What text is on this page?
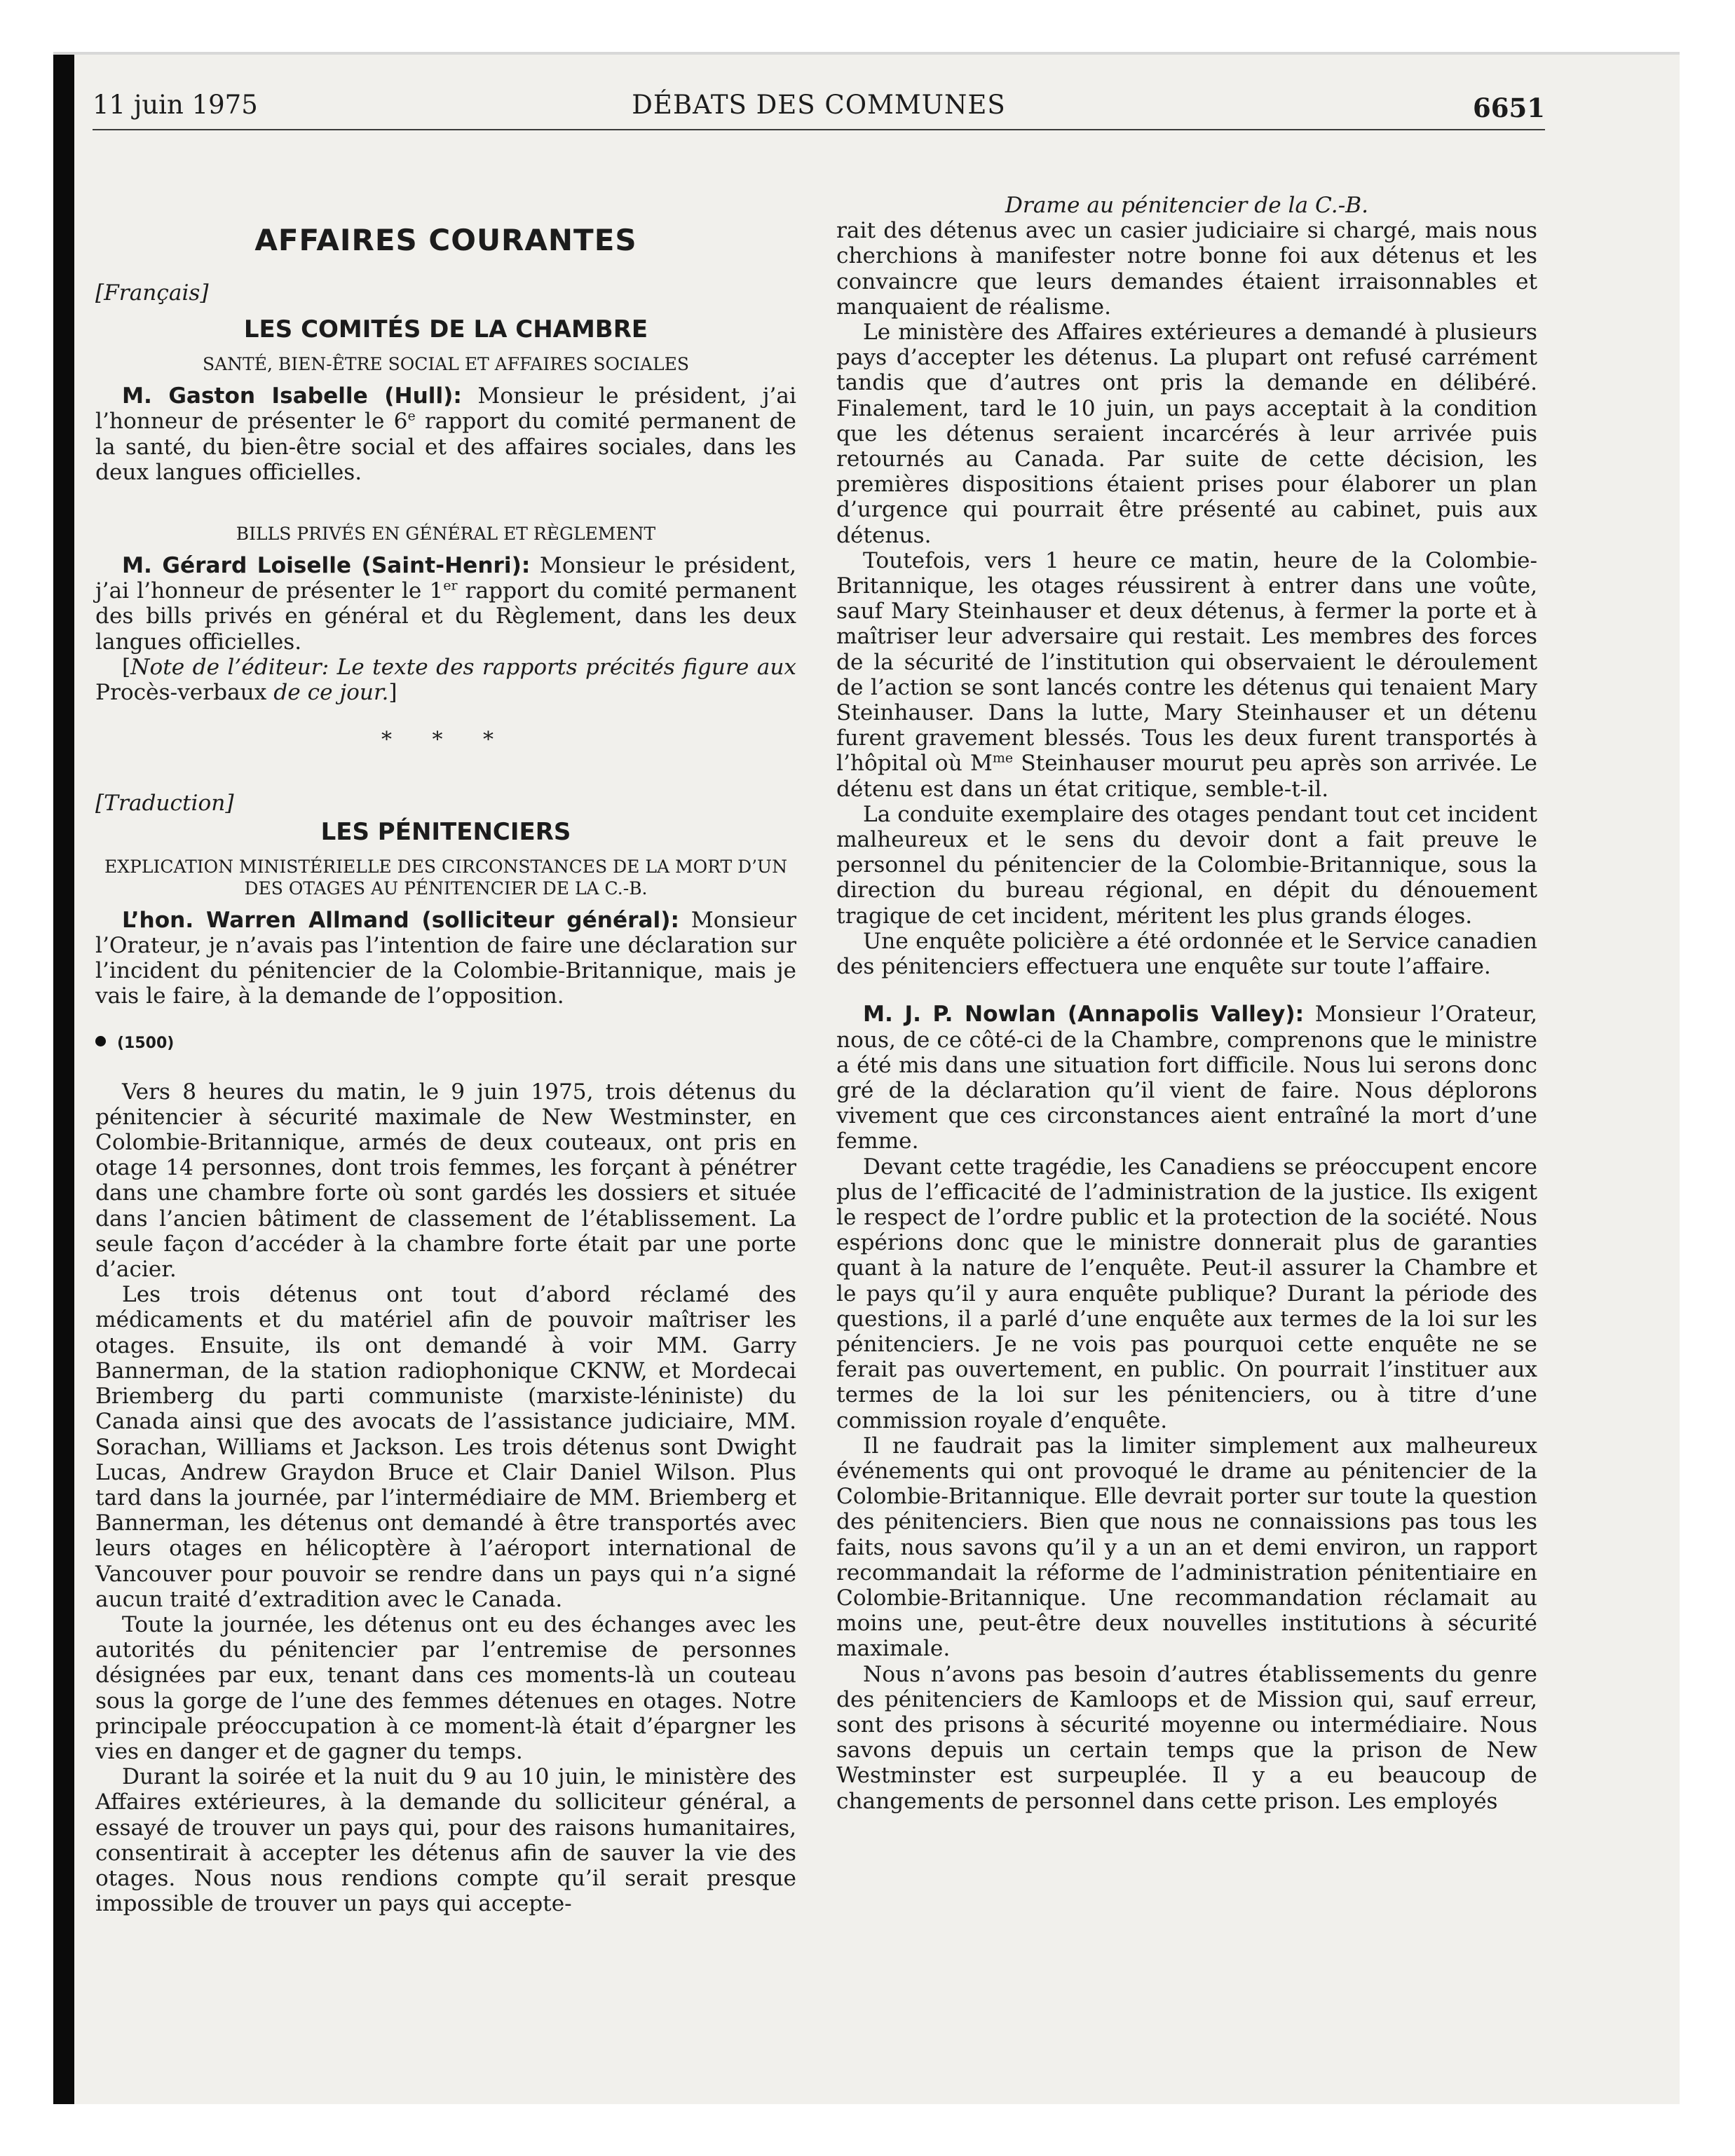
11 juin 1975	DÉBATS DES COMMUNES	6651
AFFAIRES COURANTES

[Français]

LES COMITÉS DE LA CHAMBRE
SANTÉ, BIEN-ÊTRE SOCIAL ET AFFAIRES SOCIALES

M. Gaston Isabelle (Hull): Monsieur le président, j’ai l’honneur de présenter le 6e rapport du comité permanent de la santé, du bien-être social et des affaires sociales, dans les deux langues officielles.

BILLS PRIVÉS EN GÉNÉRAL ET RÈGLEMENT

M. Gérard Loiselle (Saint-Henri): Monsieur le président, j’ai l’honneur de présenter le 1er rapport du comité permanent des bills privés en général et du Règlement, dans les deux langues officielles.

[Note de l’éditeur: Le texte des rapports précités figure aux Procès-verbaux de ce jour.]

* * *

[Traduction]

LES PÉNITENCIERS
EXPLICATION MINISTÉRIELLE DES CIRCONSTANCES DE LA MORT D’UN DES OTAGES AU PÉNITENCIER DE LA C.-B.

L’hon. Warren Allmand (solliciteur général): Monsieur l’Orateur, je n’avais pas l’intention de faire une déclaration sur l’incident du pénitencier de la Colombie-Britannique, mais je vais le faire, à la demande de l’opposition.

(1500)

Vers 8 heures du matin, le 9 juin 1975, trois détenus du pénitencier à sécurité maximale de New Westminster, en Colombie-Britannique, armés de deux couteaux, ont pris en otage 14 personnes, dont trois femmes, les forçant à pénétrer dans une chambre forte où sont gardés les dossiers et située dans l’ancien bâtiment de classement de l’établissement. La seule façon d’accéder à la chambre forte était par une porte d’acier.

Les trois détenus ont tout d’abord réclamé des médicaments et du matériel afin de pouvoir maîtriser les otages. Ensuite, ils ont demandé à voir MM. Garry Bannerman, de la station radiophonique CKNW, et Mordecai Briemberg du parti communiste (marxiste-léniniste) du Canada ainsi que des avocats de l’assistance judiciaire, MM. Sorachan, Williams et Jackson. Les trois détenus sont Dwight Lucas, Andrew Graydon Bruce et Clair Daniel Wilson. Plus tard dans la journée, par l’intermédiaire de MM. Briemberg et Bannerman, les détenus ont demandé à être transportés avec leurs otages en hélicoptère à l’aéroport international de Vancouver pour pouvoir se rendre dans un pays qui n’a signé aucun traité d’extradition avec le Canada.

Toute la journée, les détenus ont eu des échanges avec les autorités du pénitencier par l’entremise de personnes désignées par eux, tenant dans ces moments-là un couteau sous la gorge de l’une des femmes détenues en otages. Notre principale préoccupation à ce moment-là était d’épargner les vies en danger et de gagner du temps.

Durant la soirée et la nuit du 9 au 10 juin, le ministère des Affaires extérieures, à la demande du solliciteur général, a essayé de trouver un pays qui, pour des raisons humanitaires, consentirait à accepter les détenus afin de sauver la vie des otages. Nous nous rendions compte qu’il serait presque impossible de trouver un pays qui accepte-

Drame au pénitencier de la C.-B.

rait des détenus avec un casier judiciaire si chargé, mais nous cherchions à manifester notre bonne foi aux détenus et les convaincre que leurs demandes étaient irraisonnables et manquaient de réalisme.

Le ministère des Affaires extérieures a demandé à plusieurs pays d’accepter les détenus. La plupart ont refusé carrément tandis que d’autres ont pris la demande en délibéré. Finalement, tard le 10 juin, un pays acceptait à la condition que les détenus seraient incarcérés à leur arrivée puis retournés au Canada. Par suite de cette décision, les premières dispositions étaient prises pour élaborer un plan d’urgence qui pourrait être présenté au cabinet, puis aux détenus.

Toutefois, vers 1 heure ce matin, heure de la Colombie-Britannique, les otages réussirent à entrer dans une voûte, sauf Mary Steinhauser et deux détenus, à fermer la porte et à maîtriser leur adversaire qui restait. Les membres des forces de la sécurité de l’institution qui observaient le déroulement de l’action se sont lancés contre les détenus qui tenaient Mary Steinhauser. Dans la lutte, Mary Steinhauser et un détenu furent gravement blessés. Tous les deux furent transportés à l’hôpital où $M^{me}$ Steinhauser mourut peu après son arrivée. Le détenu est dans un état critique, semble-t-il.

La conduite exemplaire des otages pendant tout cet incident malheureux et le sens du devoir dont a fait preuve le personnel du pénitencier de la Colombie-Britannique, sous la direction du bureau régional, en dépit du dénouement tragique de cet incident, méritent les plus grands éloges.

Une enquête policière a été ordonnée et le Service canadien des pénitenciers effectuera une enquête sur toute l’affaire.

M. J. P. Nowlan (Annapolis Valley): Monsieur l’Orateur, nous, de ce côté-ci de la Chambre, comprenons que le ministre a été mis dans une situation fort difficile. Nous lui serons donc gré de la déclaration qu’il vient de faire. Nous déplorons vivement que ces circonstances aient entraîné la mort d’une femme.

Devant cette tragédie, les Canadiens se préoccupent encore plus de l’efficacité de l’administration de la justice. Ils exigent le respect de l’ordre public et la protection de la société. Nous espérions donc que le ministre donnerait plus de garanties quant à la nature de l’enquête. Peut-il assurer la Chambre et le pays qu’il y aura enquête publique? Durant la période des questions, il a parlé d’une enquête aux termes de la loi sur les pénitenciers. Je ne vois pas pourquoi cette enquête ne se ferait pas ouvertement, en public. On pourrait l’instituer aux termes de la loi sur les pénitenciers, ou à titre d’une commission royale d’enquête.

Il ne faudrait pas la limiter simplement aux malheureux événements qui ont provoqué le drame au pénitencier de la Colombie-Britannique. Elle devrait porter sur toute la question des pénitenciers. Bien que nous ne connaissions pas tous les faits, nous savons qu’il y a un an et demi environ, un rapport recommandait la réforme de l’administration pénitentiaire en Colombie-Britannique. Une recommandation réclamait au moins une, peut-être deux nouvelles institutions à sécurité maximale.

Nous n’avons pas besoin d’autres établissements du genre des pénitenciers de Kamloops et de Mission qui, sauf erreur, sont des prisons à sécurité moyenne ou intermédiaire. Nous savons depuis un certain temps que la prison de New Westminster est surpeuplée. Il y a eu beaucoup de changements de personnel dans cette prison. Les employés
